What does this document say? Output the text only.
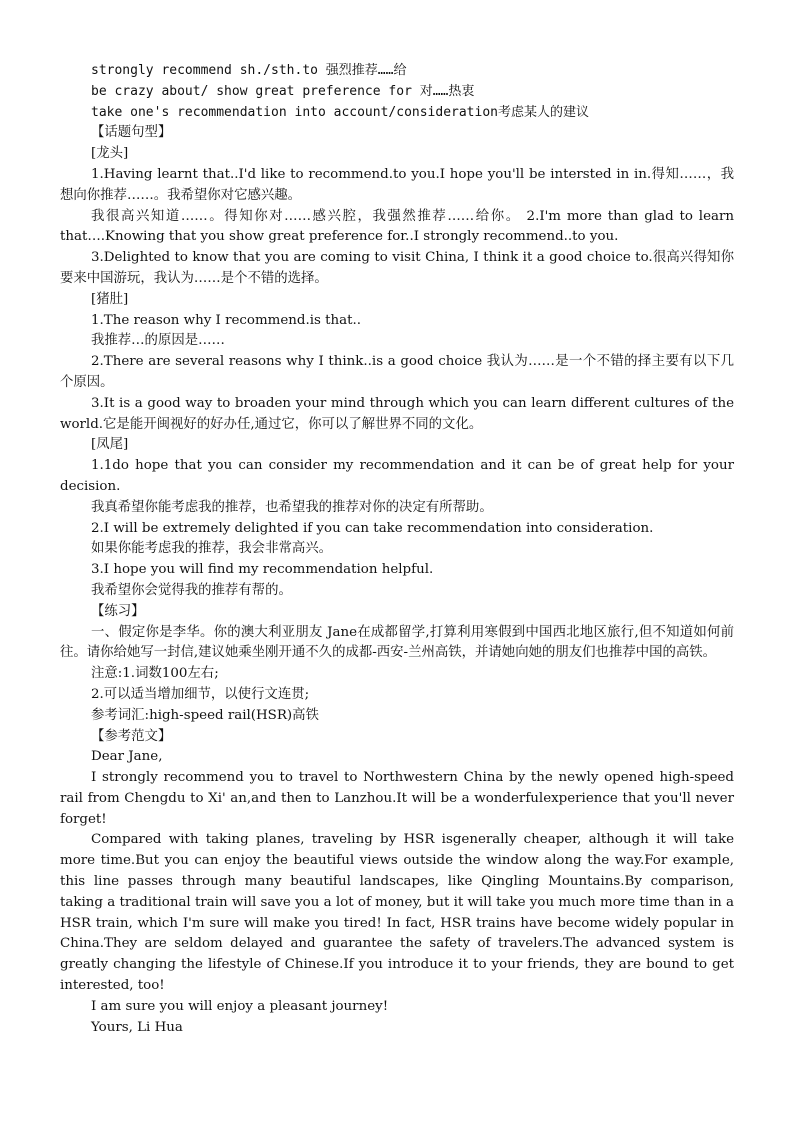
strongly recommend sh./sth.to 强烈推荐……给
be crazy about/ show great preference for 对……热衷
take one's recommendation into account/consideration考虑某人的建议
【话题句型】
[龙头]
1.Having learnt that..I'd like to recommend.to you.I hope you'll be intersted in in.得知……，我想向你推荐……。我希望你对它感兴趣。
我很高兴知道……。得知你对……感兴腔，我强然推荐……给你。 2.I'm more than glad to learn that….Knowing that you show great preference for..I strongly recommend..to you.
3.Delighted to know that you are coming to visit China, I think it a good choice to.很高兴得知你要来中国游玩，我认为……是个不错的选择。
[猪肚]
1.The reason why I recommend.is that..
我推荐…的原因是……
2.There are several reasons why I think..is a good choice 我认为……是一个不错的择主要有以下几个原因。
3.It is a good way to broaden your mind through which you can learn different cultures of the world.它是能开闽视好的好办任,通过它，你可以了解世界不同的文化。
[凤尾]
1.1do hope that you can consider my recommendation and it can be of great help for your decision.
我真希望你能考虑我的推荐，也希望我的推荐对你的决定有所帮助。
2.I will be extremely delighted if you can take recommendation into consideration.
如果你能考虑我的推荐，我会非常高兴。
3.I hope you will find my recommendation helpful.
我希望你会觉得我的推荐有帮的。
【练习】
一、假定你是李华。你的澳大利亚朋友 Jane在成都留学,打算利用寒假到中国西北地区旅行,但不知道如何前往。请你给她写一封信,建议她乘坐刚开通不久的成都-西安-兰州高铁，并请她向她的朋友们也推荐中国的高铁。
注意:1.词数100左右;
2.可以适当增加细节，以使行文连贯;
参考词汇:high-speed rail(HSR)高铁
【参考范文】
Dear Jane,
I strongly recommend you to travel to Northwestern China by the newly opened high-speed rail from Chengdu to Xi' an,and then to Lanzhou.It will be a wonderfulexperience that you'll never forget!
Compared with taking planes, traveling by HSR isgenerally cheaper, although it will take more time.But you can enjoy the beautiful views outside the window along the way.For example, this line passes through many beautiful landscapes, like Qingling Mountains.By comparison, taking a traditional train will save you a lot of money, but it will take you much more time than in a HSR train, which I'm sure will make you tired! In fact, HSR trains have become widely popular in China.They are seldom delayed and guarantee the safety of travelers.The advanced system is greatly changing the lifestyle of Chinese.If you introduce it to your friends, they are bound to get interested, too!
I am sure you will enjoy a pleasant journey!
Yours, Li Hua
